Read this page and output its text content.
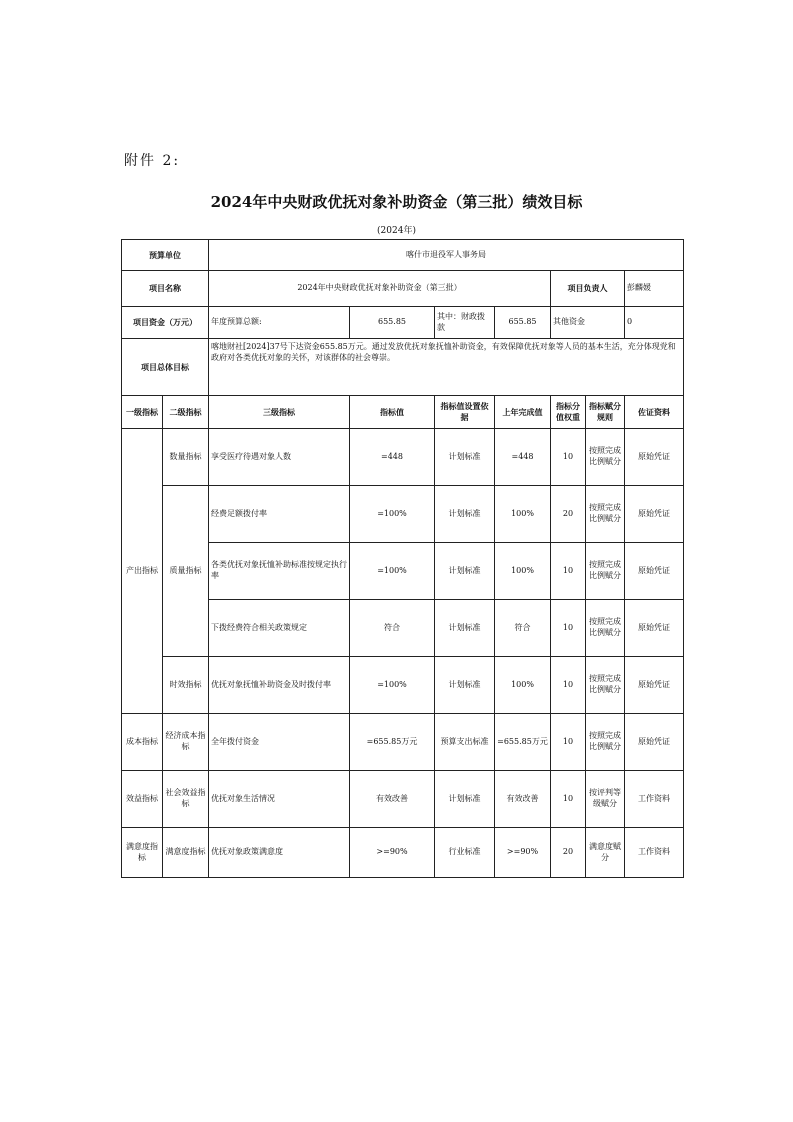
附件 2:
2024年中央财政优抚对象补助资金（第三批）绩效目标
(2024年)
预算单位		喀什市退役军人事务局						
项目名称		2024年中央财政优抚对象补助资金（第三批）				项目负责人		彭麟媛
项目资金（万元）		年度预算总额:	655.85	其中：财政拨款	655.85	其他资金		0
项目总体目标		喀地财社[2024]37号下达资金655.85万元。通过发放优抚对象抚恤补助资金，有效保障优抚对象等人员的基本生活，充分体现党和政府对各类优抚对象的关怀，对该群体的社会尊崇。						
一级指标	二级指标	三级指标	指标值	指标值设置依据	上年完成值	指标分值权重	指标赋分规则	佐证资料
产出指标	数量指标	享受医疗待遇对象人数	=448	计划标准	=448	10	按照完成比例赋分	原始凭证
	质量指标	经费足额拨付率	=100%	计划标准	100%	20	按照完成比例赋分	原始凭证
		各类优抚对象抚恤补助标准按规定执行率	=100%	计划标准	100%	10	按照完成比例赋分	原始凭证
		下拨经费符合相关政策规定	符合	计划标准	符合	10	按照完成比例赋分	原始凭证
	时效指标	优抚对象抚恤补助资金及时拨付率	=100%	计划标准	100%	10	按照完成比例赋分	原始凭证
成本指标	经济成本指标	全年拨付资金	=655.85万元	预算支出标准	=655.85万元	10	按照完成比例赋分	原始凭证
效益指标	社会效益指标	优抚对象生活情况	有效改善	计划标准	有效改善	10	按评判等级赋分	工作资料
满意度指标	满意度指标	优抚对象政策满意度	>=90%	行业标准	>=90%	20	满意度赋分	工作资料
